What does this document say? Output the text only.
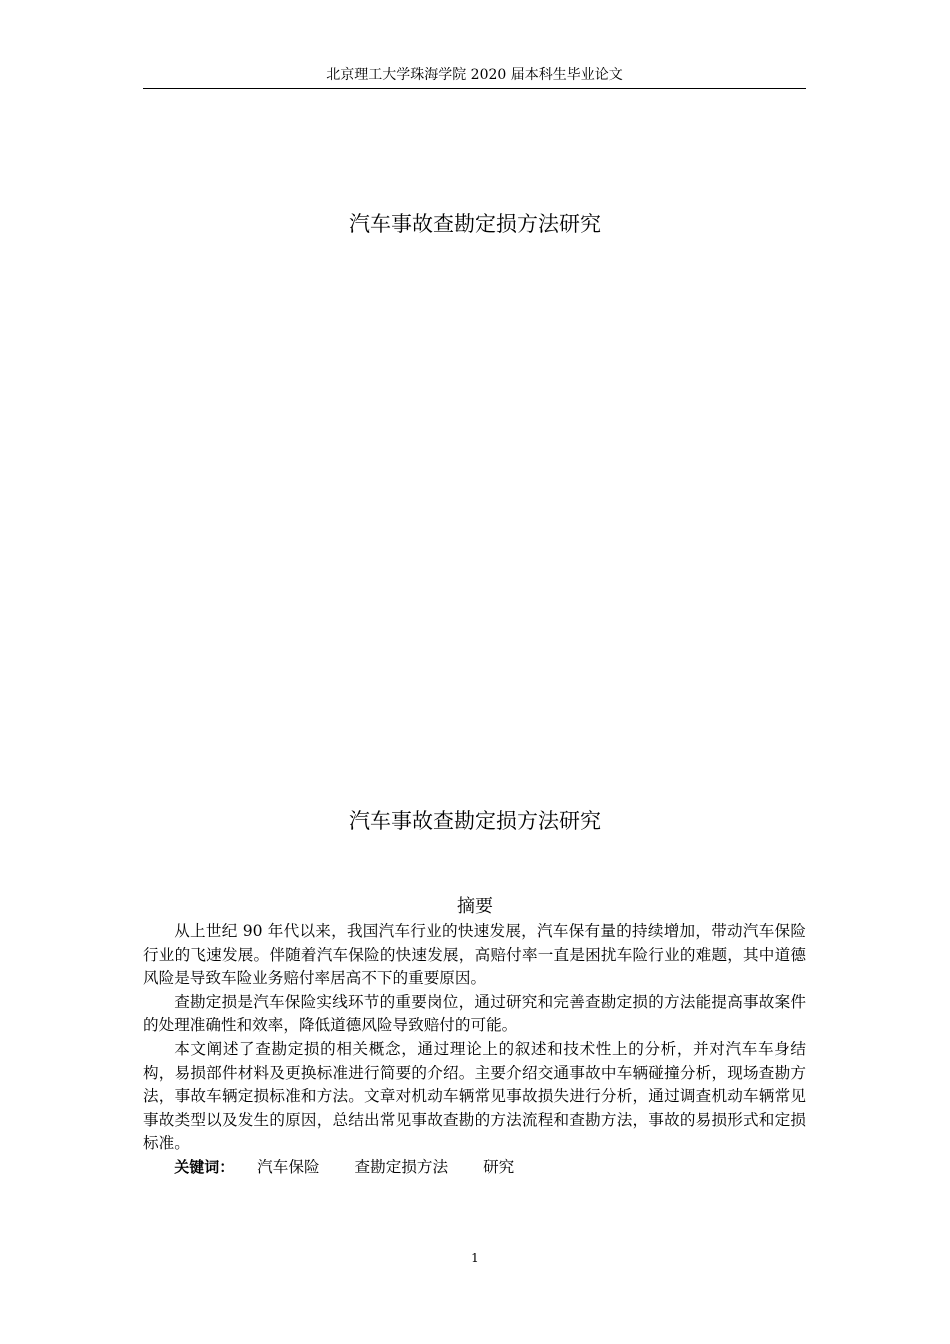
北京理工大学珠海学院 2020 届本科生毕业论文
汽车事故查勘定损方法研究
汽车事故查勘定损方法研究
摘要

从上世纪 90 年代以来，我国汽车行业的快速发展，汽车保有量的持续增加，带动汽车保险行业的飞速发展。伴随着汽车保险的快速发展，高赔付率一直是困扰车险行业的难题，其中道德风险是导致车险业务赔付率居高不下的重要原因。

查勘定损是汽车保险实线环节的重要岗位，通过研究和完善查勘定损的方法能提高事故案件的处理准确性和效率，降低道德风险导致赔付的可能。

本文阐述了查勘定损的相关概念，通过理论上的叙述和技术性上的分析，并对汽车车身结构，易损部件材料及更换标准进行简要的介绍。主要介绍交通事故中车辆碰撞分析，现场查勘方法，事故车辆定损标准和方法。文章对机动车辆常见事故损失进行分析，通过调查机动车辆常见事故类型以及发生的原因，总结出常见事故查勘的方法流程和查勘方法，事故的易损形式和定损标准。

关键词： 汽车保险 查勘定损方法 研究
1
